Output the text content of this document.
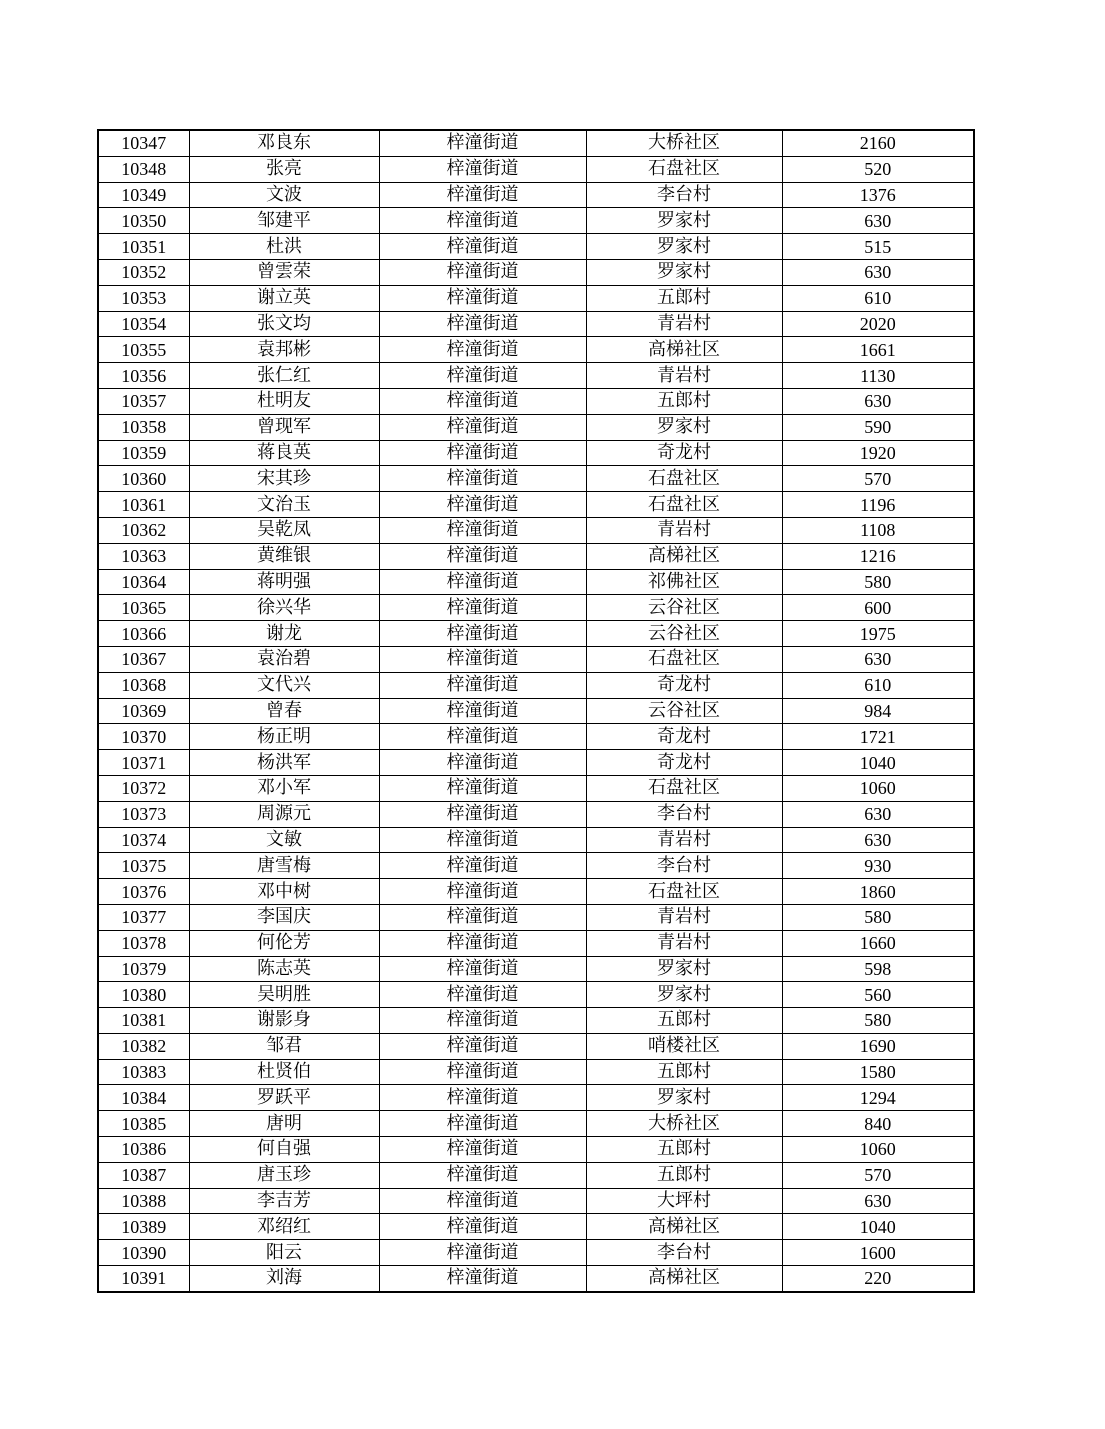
10347	邓良东	梓潼街道	大桥社区	2160
10348	张亮	梓潼街道	石盘社区	520
10349	文波	梓潼街道	李台村	1376
10350	邹建平	梓潼街道	罗家村	630
10351	杜洪	梓潼街道	罗家村	515
10352	曾雲荣	梓潼街道	罗家村	630
10353	谢立英	梓潼街道	五郎村	610
10354	张文均	梓潼街道	青岩村	2020
10355	袁邦彬	梓潼街道	高梯社区	1661
10356	张仁红	梓潼街道	青岩村	1130
10357	杜明友	梓潼街道	五郎村	630
10358	曾现军	梓潼街道	罗家村	590
10359	蒋良英	梓潼街道	奇龙村	1920
10360	宋其珍	梓潼街道	石盘社区	570
10361	文治玉	梓潼街道	石盘社区	1196
10362	吴乾凤	梓潼街道	青岩村	1108
10363	黄维银	梓潼街道	高梯社区	1216
10364	蒋明强	梓潼街道	祁佛社区	580
10365	徐兴华	梓潼街道	云谷社区	600
10366	谢龙	梓潼街道	云谷社区	1975
10367	袁治碧	梓潼街道	石盘社区	630
10368	文代兴	梓潼街道	奇龙村	610
10369	曾春	梓潼街道	云谷社区	984
10370	杨正明	梓潼街道	奇龙村	1721
10371	杨洪军	梓潼街道	奇龙村	1040
10372	邓小军	梓潼街道	石盘社区	1060
10373	周源元	梓潼街道	李台村	630
10374	文敏	梓潼街道	青岩村	630
10375	唐雪梅	梓潼街道	李台村	930
10376	邓中树	梓潼街道	石盘社区	1860
10377	李国庆	梓潼街道	青岩村	580
10378	何伦芳	梓潼街道	青岩村	1660
10379	陈志英	梓潼街道	罗家村	598
10380	吴明胜	梓潼街道	罗家村	560
10381	谢影身	梓潼街道	五郎村	580
10382	邹君	梓潼街道	哨楼社区	1690
10383	杜贤伯	梓潼街道	五郎村	1580
10384	罗跃平	梓潼街道	罗家村	1294
10385	唐明	梓潼街道	大桥社区	840
10386	何自强	梓潼街道	五郎村	1060
10387	唐玉珍	梓潼街道	五郎村	570
10388	李吉芳	梓潼街道	大坪村	630
10389	邓绍红	梓潼街道	高梯社区	1040
10390	阳云	梓潼街道	李台村	1600
10391	刘海	梓潼街道	高梯社区	220
